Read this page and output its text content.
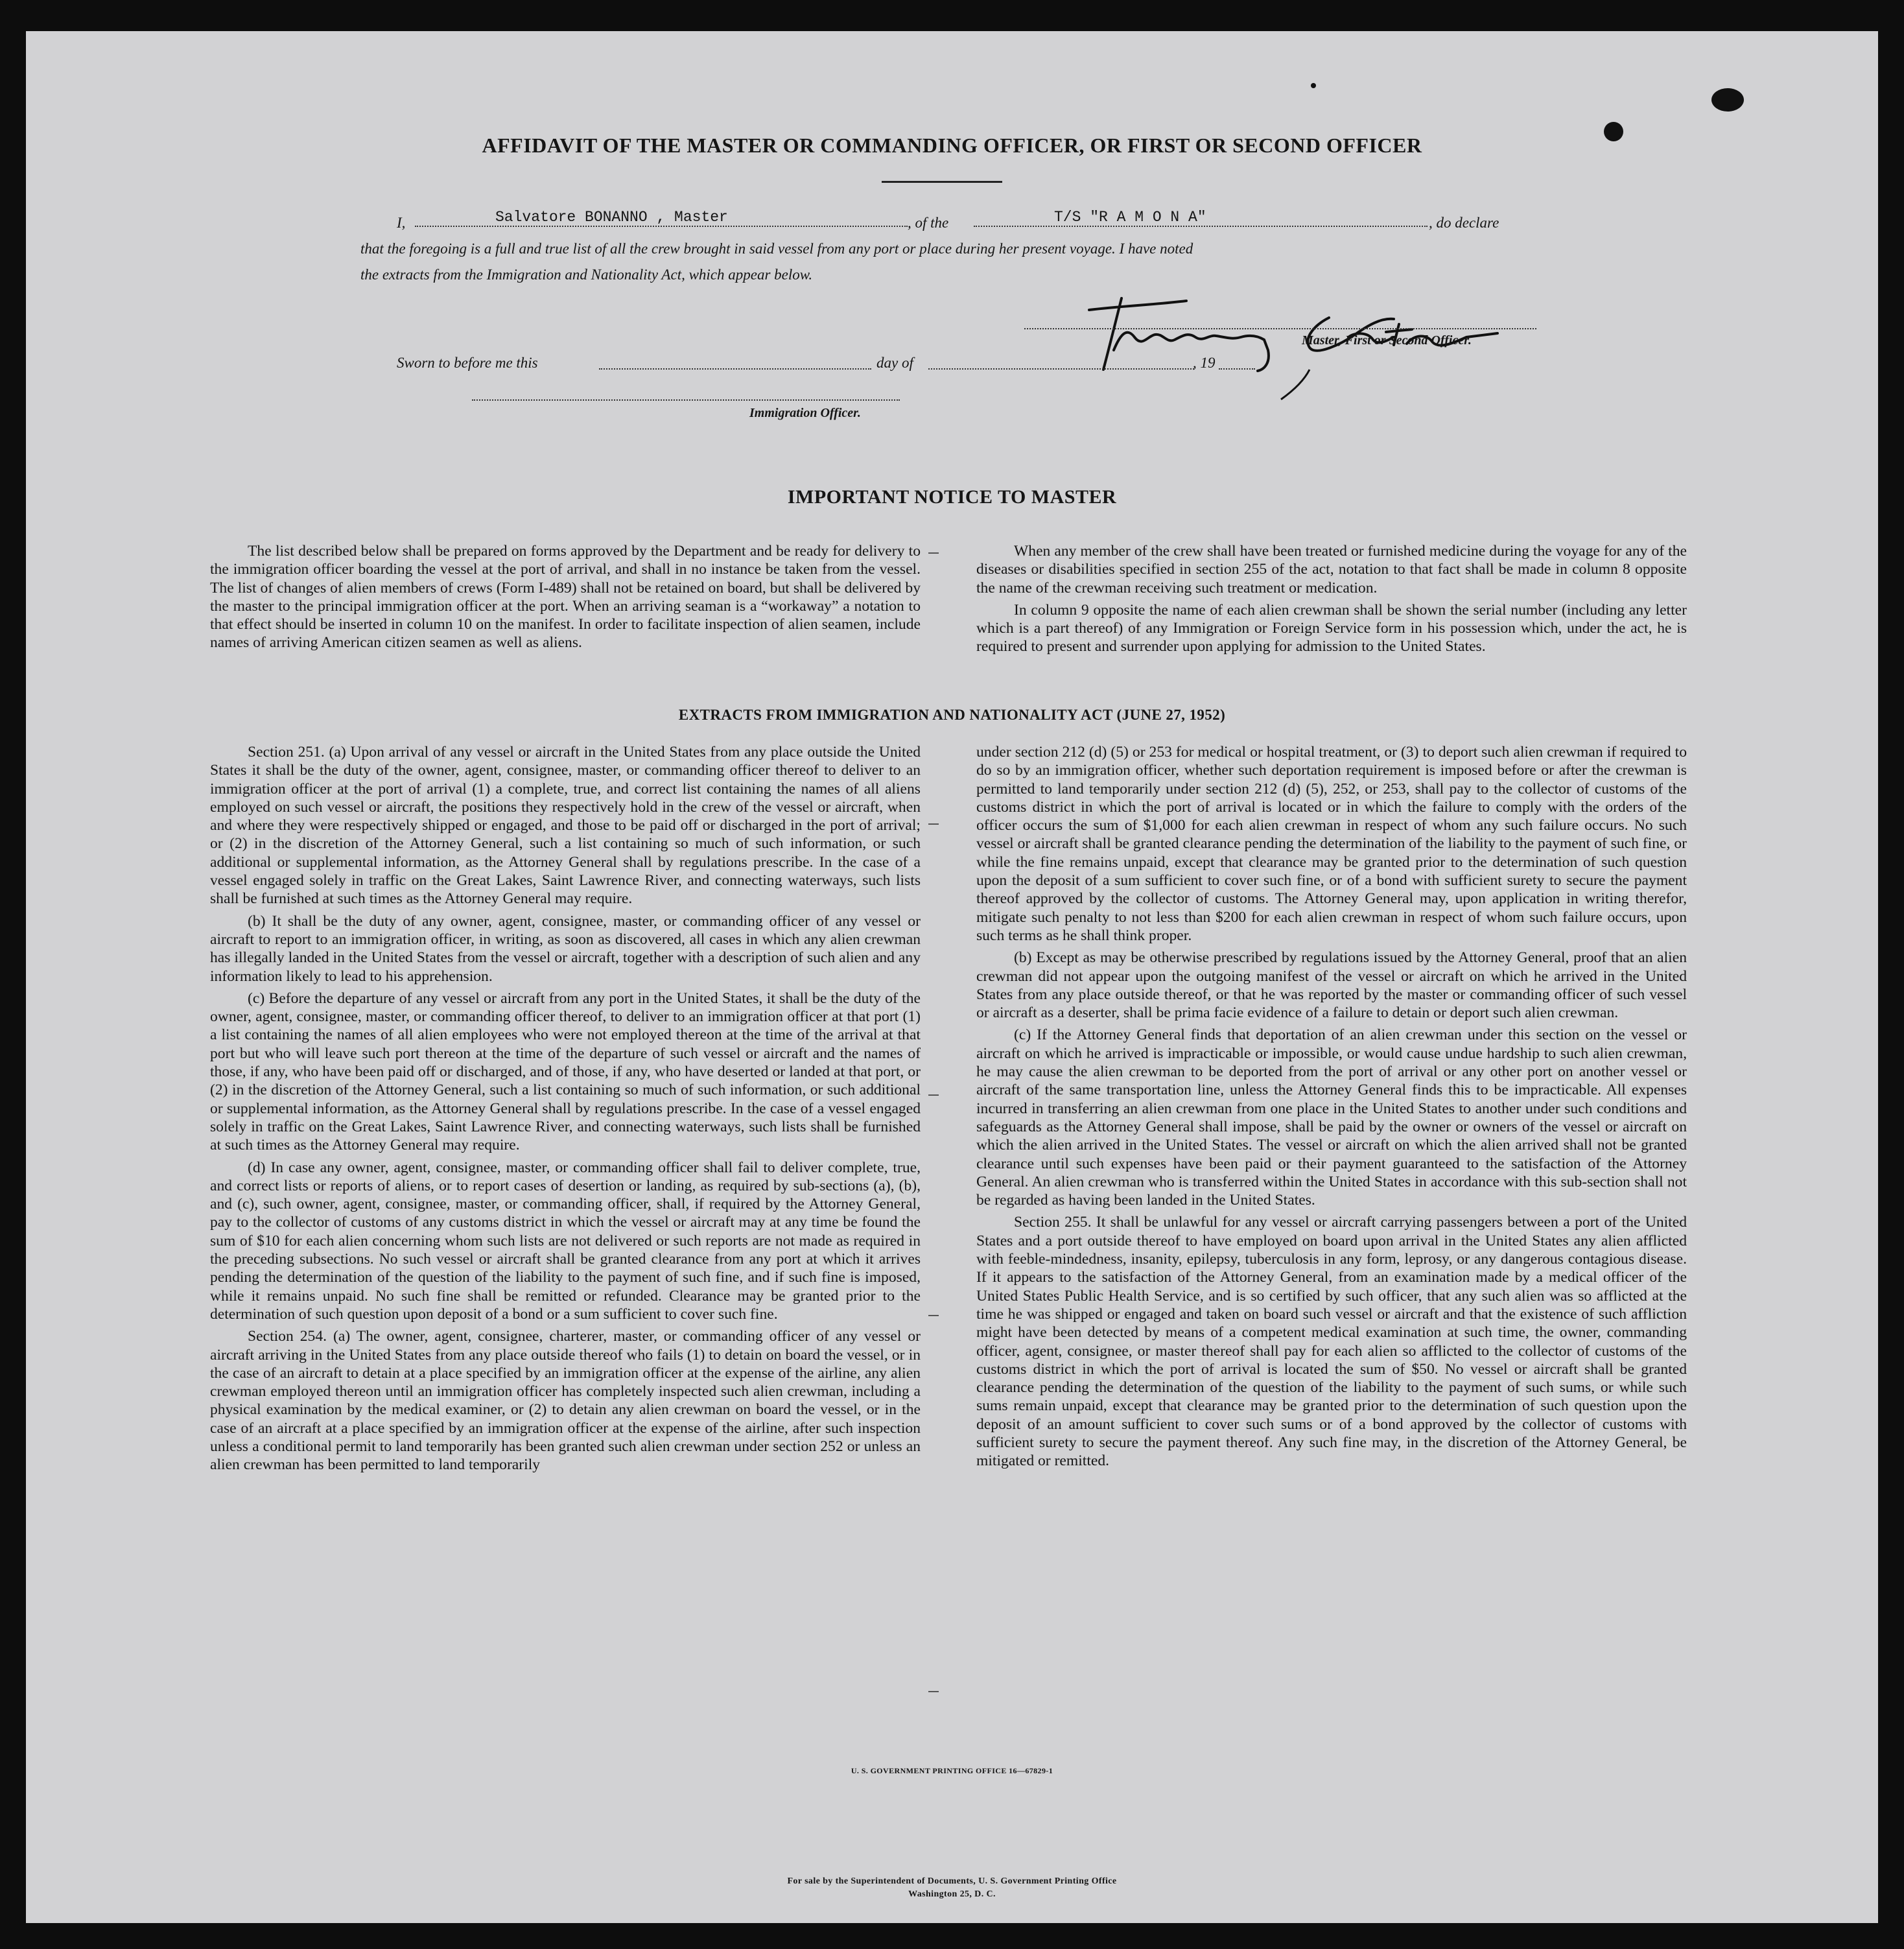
AFFIDAVIT OF THE MASTER OR COMMANDING OFFICER, OR FIRST OR SECOND OFFICER
I,	Salvatore BONANNO , Master	, of the	T/S "R A M O N A"	, do declare
that the foregoing is a full and true list of all the crew brought in said vessel from any port or place during her present voyage. I have noted
the extracts from the Immigration and Nationality Act, which appear below.
Master, First or Second Officer.
Sworn to before me this	day of	, 19
Immigration Officer.
IMPORTANT NOTICE TO MASTER

The list described below shall be prepared on forms approved by the Department and be ready for delivery to the immigration officer boarding the vessel at the port of arrival, and shall in no instance be taken from the vessel. The list of changes of alien members of crews (Form I-489) shall not be retained on board, but shall be delivered by the master to the principal immigration officer at the port. When an arriving seaman is a “workaway” a notation to that effect should be inserted in column 10 on the manifest. In order to facilitate inspection of alien seamen, include names of arriving American citizen seamen as well as aliens.

When any member of the crew shall have been treated or furnished medicine during the voyage for any of the diseases or disabilities specified in section 255 of the act, notation to that fact shall be made in column 8 opposite the name of the crewman receiving such treatment or medication.

In column 9 opposite the name of each alien crewman shall be shown the serial number (including any letter which is a part thereof) of any Immigration or Foreign Service form in his possession which, under the act, he is required to present and surrender upon applying for admission to the United States.

EXTRACTS FROM IMMIGRATION AND NATIONALITY ACT (JUNE 27, 1952)

Section 251. (a) Upon arrival of any vessel or aircraft in the United States from any place outside the United States it shall be the duty of the owner, agent, consignee, master, or commanding officer thereof to deliver to an immigration officer at the port of arrival (1) a complete, true, and correct list containing the names of all aliens employed on such vessel or aircraft, the positions they respectively hold in the crew of the vessel or aircraft, when and where they were respectively shipped or engaged, and those to be paid off or discharged in the port of arrival; or (2) in the discretion of the Attorney General, such a list containing so much of such information, or such additional or supplemental information, as the Attorney General shall by regulations prescribe. In the case of a vessel engaged solely in traffic on the Great Lakes, Saint Lawrence River, and connecting waterways, such lists shall be furnished at such times as the Attorney General may require.

(b) It shall be the duty of any owner, agent, consignee, master, or commanding officer of any vessel or aircraft to report to an immigration officer, in writing, as soon as discovered, all cases in which any alien crewman has illegally landed in the United States from the vessel or aircraft, together with a description of such alien and any information likely to lead to his apprehension.

(c) Before the departure of any vessel or aircraft from any port in the United States, it shall be the duty of the owner, agent, consignee, master, or commanding officer thereof, to deliver to an immigration officer at that port (1) a list containing the names of all alien employees who were not employed thereon at the time of the arrival at that port but who will leave such port thereon at the time of the departure of such vessel or aircraft and the names of those, if any, who have been paid off or discharged, and of those, if any, who have deserted or landed at that port, or (2) in the discretion of the Attorney General, such a list containing so much of such information, or such additional or supplemental information, as the Attorney General shall by regulations prescribe. In the case of a vessel engaged solely in traffic on the Great Lakes, Saint Lawrence River, and connecting waterways, such lists shall be furnished at such times as the Attorney General may require.

(d) In case any owner, agent, consignee, master, or commanding officer shall fail to deliver complete, true, and correct lists or reports of aliens, or to report cases of desertion or landing, as required by sub-sections (a), (b), and (c), such owner, agent, consignee, master, or commanding officer, shall, if required by the Attorney General, pay to the collector of customs of any customs district in which the vessel or aircraft may at any time be found the sum of $10 for each alien concerning whom such lists are not delivered or such reports are not made as required in the preceding subsections. No such vessel or aircraft shall be granted clearance from any port at which it arrives pending the determination of the question of the liability to the payment of such fine, and if such fine is imposed, while it remains unpaid. No such fine shall be remitted or refunded. Clearance may be granted prior to the determination of such question upon deposit of a bond or a sum sufficient to cover such fine.

Section 254. (a) The owner, agent, consignee, charterer, master, or commanding officer of any vessel or aircraft arriving in the United States from any place outside thereof who fails (1) to detain on board the vessel, or in the case of an aircraft to detain at a place specified by an immigration officer at the expense of the airline, any alien crewman employed thereon until an immigration officer has completely inspected such alien crewman, including a physical examination by the medical examiner, or (2) to detain any alien crewman on board the vessel, or in the case of an aircraft at a place specified by an immigration officer at the expense of the airline, after such inspection unless a conditional permit to land temporarily has been granted such alien crewman under section 252 or unless an alien crewman has been permitted to land temporarily

under section 212 (d) (5) or 253 for medical or hospital treatment, or (3) to deport such alien crewman if required to do so by an immigration officer, whether such deportation requirement is imposed before or after the crewman is permitted to land temporarily under section 212 (d) (5), 252, or 253, shall pay to the collector of customs of the customs district in which the port of arrival is located or in which the failure to comply with the orders of the officer occurs the sum of $1,000 for each alien crewman in respect of whom any such failure occurs. No such vessel or aircraft shall be granted clearance pending the determination of the liability to the payment of such fine, or while the fine remains unpaid, except that clearance may be granted prior to the determination of such question upon the deposit of a sum sufficient to cover such fine, or of a bond with sufficient surety to secure the payment thereof approved by the collector of customs. The Attorney General may, upon application in writing therefor, mitigate such penalty to not less than $200 for each alien crewman in respect of whom such failure occurs, upon such terms as he shall think proper.

(b) Except as may be otherwise prescribed by regulations issued by the Attorney General, proof that an alien crewman did not appear upon the outgoing manifest of the vessel or aircraft on which he arrived in the United States from any place outside thereof, or that he was reported by the master or commanding officer of such vessel or aircraft as a deserter, shall be prima facie evidence of a failure to detain or deport such alien crewman.

(c) If the Attorney General finds that deportation of an alien crewman under this section on the vessel or aircraft on which he arrived is impracticable or impossible, or would cause undue hardship to such alien crewman, he may cause the alien crewman to be deported from the port of arrival or any other port on another vessel or aircraft of the same transportation line, unless the Attorney General finds this to be impracticable. All expenses incurred in transferring an alien crewman from one place in the United States to another under such conditions and safeguards as the Attorney General shall impose, shall be paid by the owner or owners of the vessel or aircraft on which the alien arrived in the United States. The vessel or aircraft on which the alien arrived shall not be granted clearance until such expenses have been paid or their payment guaranteed to the satisfaction of the Attorney General. An alien crewman who is transferred within the United States in accordance with this sub-section shall not be regarded as having been landed in the United States.

Section 255. It shall be unlawful for any vessel or aircraft carrying passengers between a port of the United States and a port outside thereof to have employed on board upon arrival in the United States any alien afflicted with feeble-mindedness, insanity, epilepsy, tuberculosis in any form, leprosy, or any dangerous contagious disease. If it appears to the satisfaction of the Attorney General, from an examination made by a medical officer of the United States Public Health Service, and is so certified by such officer, that any such alien was so afflicted at the time he was shipped or engaged and taken on board such vessel or aircraft and that the existence of such affliction might have been detected by means of a competent medical examination at such time, the owner, commanding officer, agent, consignee, or master thereof shall pay for each alien so afflicted to the collector of customs of the customs district in which the port of arrival is located the sum of $50. No vessel or aircraft shall be granted clearance pending the determination of the question of the liability to the payment of such sums, or while such sums remain unpaid, except that clearance may be granted prior to the determination of such question upon the deposit of an amount sufficient to cover such sums or of a bond approved by the collector of customs with sufficient surety to secure the payment thereof. Any such fine may, in the discretion of the Attorney General, be mitigated or remitted.

U. S. GOVERNMENT PRINTING OFFICE 16—67829-1
For sale by the Superintendent of Documents, U. S. Government Printing Office
Washington 25, D. C.
